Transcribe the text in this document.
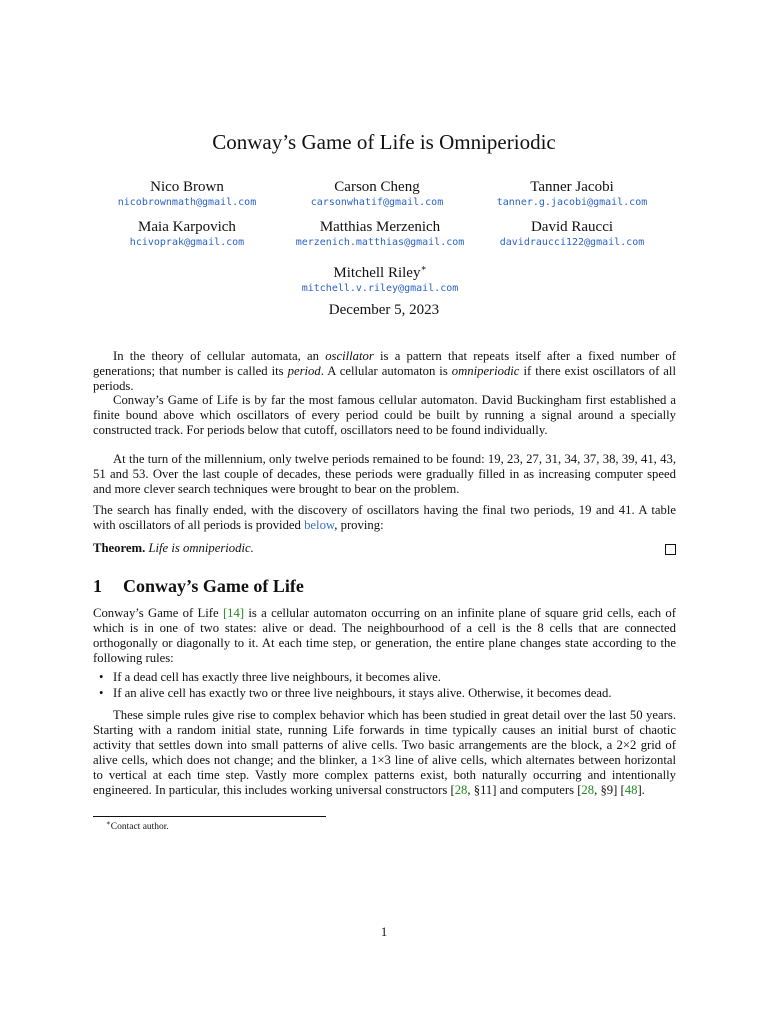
Conway’s Game of Life is Omniperiodic
Nico Brown
nicobrownmath@gmail.com
Carson Cheng
carsonwhatif@gmail.com
Tanner Jacobi
tanner.g.jacobi@gmail.com
Maia Karpovich
hcivoprak@gmail.com
Matthias Merzenich
merzenich.matthias@gmail.com
David Raucci
davidraucci122@gmail.com
Mitchell Riley∗
mitchell.v.riley@gmail.com
December 5, 2023
In the theory of cellular automata, an oscillator is a pattern that repeats itself after a fixed number of generations; that number is called its period. A cellular automaton is omniperiodic if there exist oscillators of all periods.
Conway’s Game of Life is by far the most famous cellular automaton. David Buckingham first established a finite bound above which oscillators of every period could be built by running a signal around a specially constructed track. For periods below that cutoff, oscillators need to be found individually.
At the turn of the millennium, only twelve periods remained to be found: 19, 23, 27, 31, 34, 37, 38, 39, 41, 43, 51 and 53. Over the last couple of decades, these periods were gradually filled in as increasing computer speed and more clever search techniques were brought to bear on the problem.
The search has finally ended, with the discovery of oscillators having the final two periods, 19 and 41. A table with oscillators of all periods is provided below, proving:
Theorem. Life is omniperiodic.
1 Conway’s Game of Life
Conway’s Game of Life [14] is a cellular automaton occurring on an infinite plane of square grid cells, each of which is in one of two states: alive or dead. The neighbourhood of a cell is the 8 cells that are connected orthogonally or diagonally to it. At each time step, or generation, the entire plane changes state according to the following rules:
• If a dead cell has exactly three live neighbours, it becomes alive.
• If an alive cell has exactly two or three live neighbours, it stays alive. Otherwise, it becomes dead.
These simple rules give rise to complex behavior which has been studied in great detail over the last 50 years. Starting with a random initial state, running Life forwards in time typically causes an initial burst of chaotic activity that settles down into small patterns of alive cells. Two basic arrangements are the block, a 2×2 grid of alive cells, which does not change; and the blinker, a 1×3 line of alive cells, which alternates between horizontal to vertical at each time step. Vastly more complex patterns exist, both naturally occurring and intentionally engineered. In particular, this includes working universal constructors [28, §11] and computers [28, §9] [48].
∗Contact author.
1
